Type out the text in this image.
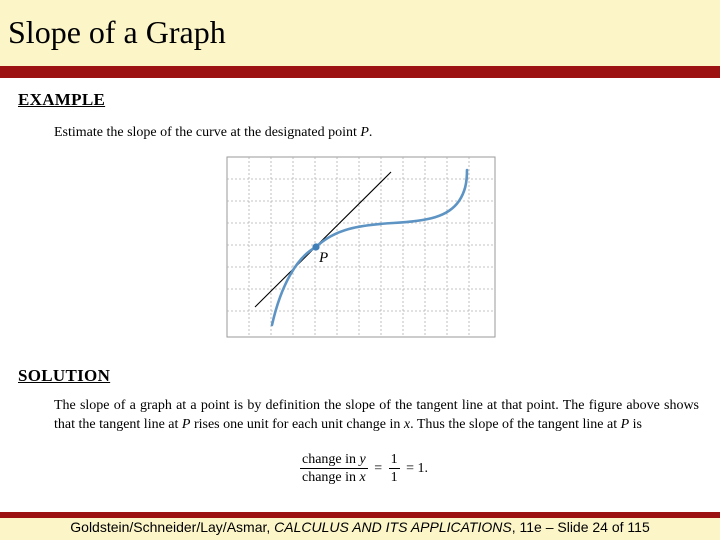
Slope of a Graph
EXAMPLE
Estimate the slope of the curve at the designated point P.
P
SOLUTION
The slope of a graph at a point is by definition the slope of the tangent line at that point. The figure above shows that the tangent line at P rises one unit for each unit change in x. Thus the slope of the tangent line at P is
$\frac{\text{change in y}}{\text{change in x}} = \frac{1}{1} = 1$.
Goldstein/Schneider/Lay/Asmar, CALCULUS AND ITS APPLICATIONS, 11e – Slide 24 of 115
